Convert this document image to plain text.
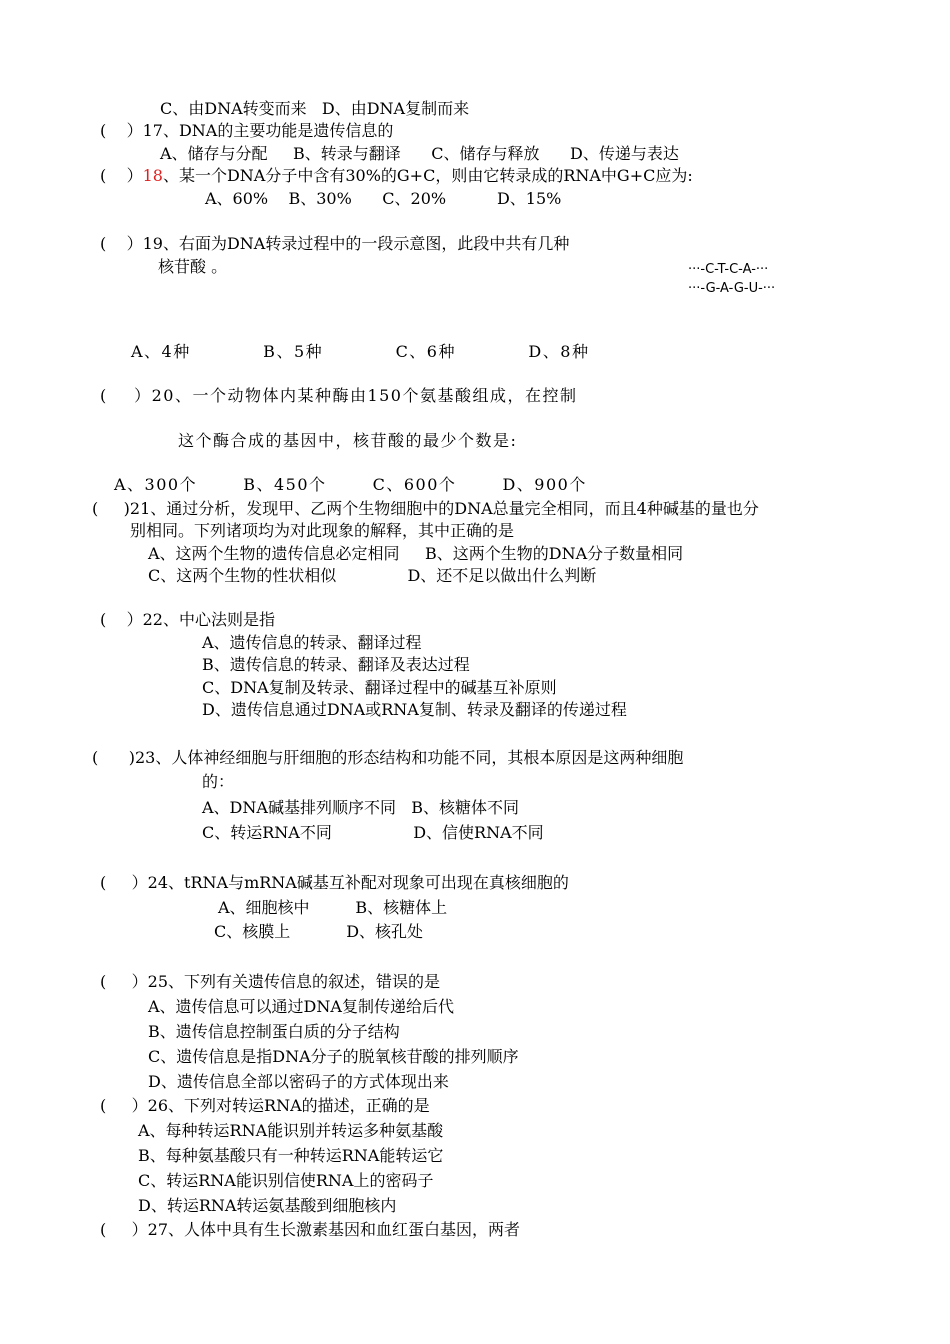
C、由DNA转变而来   D、由DNA复制而来

(    ）17、DNA的主要功能是遗传信息的

A、储存与分配     B、转录与翻译      C、储存与释放      D、传递与表达

(    ）18、某一个DNA分子中含有30%的G+C，则由它转录成的RNA中G+C应为:

A、60%    B、30%      C、20%          D、15%

(    ）19、右面为DNA转录过程中的一段示意图，此段中共有几种

核苷酸 。	···-C-T-C-A-···
···-G-A-G-U-···

A、4种           B、5种           C、6种           D、8种

(    ）20、一个动物体内某种酶由150个氨基酸组成，在控制

这个酶合成的基因中，核苷酸的最少个数是:

A、300个       B、450个       C、600个       D、900个

(     )21、通过分析，发现甲、乙两个生物细胞中的DNA总量完全相同，而且4种碱基的量也分

别相同。下列诸项均为对此现象的解释，其中正确的是

A、这两个生物的遗传信息必定相同     B、这两个生物的DNA分子数量相同

C、这两个生物的性状相似              D、还不足以做出什么判断

(    ）22、中心法则是指

A、遗传信息的转录、翻译过程

B、遗传信息的转录、翻译及表达过程

C、DNA复制及转录、翻译过程中的碱基互补原则

D、遗传信息通过DNA或RNA复制、转录及翻译的传递过程

(      )23、人体神经细胞与肝细胞的形态结构和功能不同，其根本原因是这两种细胞

的：

A、DNA碱基排列顺序不同   B、核糖体不同

C、转运RNA不同                D、信使RNA不同

(     ）24、tRNA与mRNA碱基互补配对现象可出现在真核细胞的

A、细胞核中         B、核糖体上

C、核膜上           D、核孔处

(     ）25、下列有关遗传信息的叙述，错误的是

A、遗传信息可以通过DNA复制传递给后代

B、遗传信息控制蛋白质的分子结构

C、遗传信息是指DNA分子的脱氧核苷酸的排列顺序

D、遗传信息全部以密码子的方式体现出来

(     ）26、下列对转运RNA的描述，正确的是

A、每种转运RNA能识别并转运多种氨基酸

B、每种氨基酸只有一种转运RNA能转运它

C、转运RNA能识别信使RNA上的密码子

D、转运RNA转运氨基酸到细胞核内

(     ）27、人体中具有生长激素基因和血红蛋白基因，两者
